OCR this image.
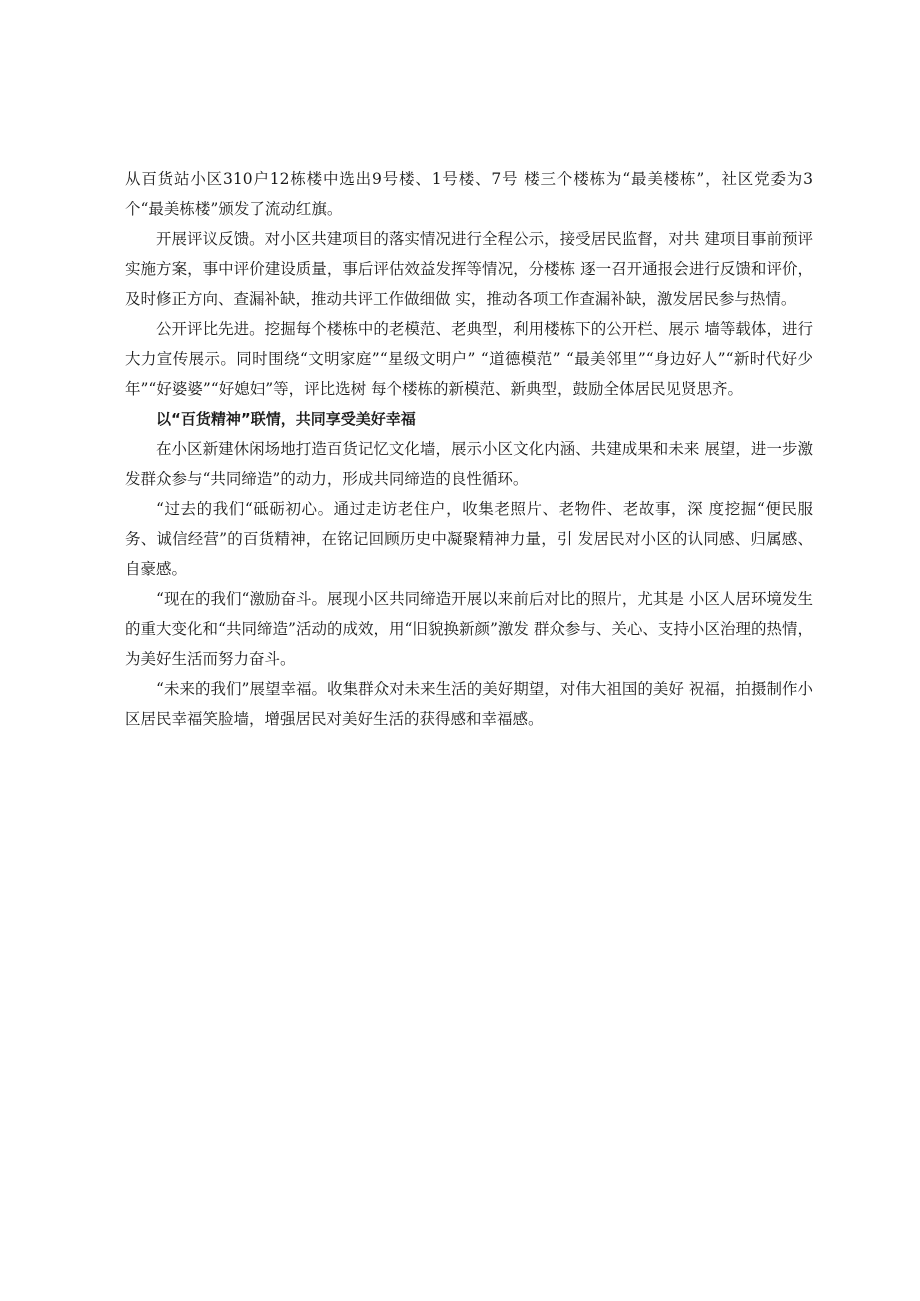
从百货站小区310户12栋楼中选出9号楼、1号楼、7号 楼三个楼栋为“最美楼栋”，社区党委为3个“最美栋楼”颁发了流动红旗。

开展评议反馈。对小区共建项目的落实情况进行全程公示，接受居民监督，对共 建项目事前预评实施方案，事中评价建设质量，事后评估效益发挥等情况，分楼栋 逐一召开通报会进行反馈和评价，及时修正方向、查漏补缺，推动共评工作做细做 实，推动各项工作查漏补缺，激发居民参与热情。

公开评比先进。挖掘每个楼栋中的老模范、老典型，利用楼栋下的公开栏、展示 墙等载体，进行大力宣传展示。同时围绕“文明家庭”“星级文明户” “道德模范” “最美邻里”“身边好人”“新时代好少年”“好婆婆”“好媳妇”等，评比选树 每个楼栋的新模范、新典型，鼓励全体居民见贤思齐。

以“百货精神”联情，共同享受美好幸福

在小区新建休闲场地打造百货记忆文化墙，展示小区文化内涵、共建成果和未来 展望，进一步激发群众参与“共同缔造”的动力，形成共同缔造的良性循环。

“过去的我们“砥砺初心。通过走访老住户，收集老照片、老物件、老故事，深 度挖掘“便民服务、诚信经营”的百货精神，在铭记回顾历史中凝聚精神力量，引 发居民对小区的认同感、归属感、自豪感。

“现在的我们“激励奋斗。展现小区共同缔造开展以来前后对比的照片，尤其是 小区人居环境发生的重大变化和“共同缔造”活动的成效，用“旧貌换新颜”激发 群众参与、关心、支持小区治理的热情，为美好生活而努力奋斗。

“未来的我们”展望幸福。收集群众对未来生活的美好期望，对伟大祖国的美好 祝福，拍摄制作小区居民幸福笑脸墙，增强居民对美好生活的获得感和幸福感。
